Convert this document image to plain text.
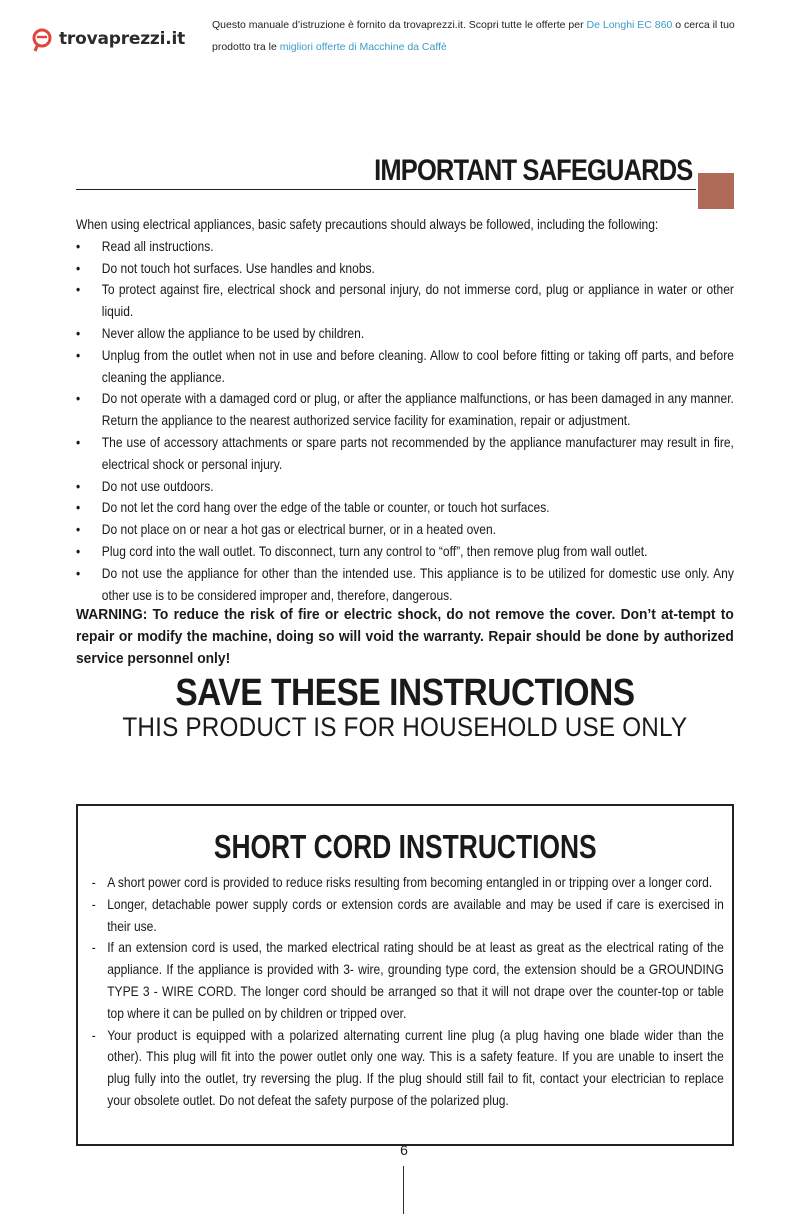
trovaprezzi.it
Questo manuale d’istruzione è fornito da trovaprezzi.it. Scopri tutte le offerte per De Longhi EC 860 o cerca il tuo prodotto tra le migliori offerte di Macchine da Caffè
IMPORTANT SAFEGUARDS
When using electrical appliances, basic safety precautions should always be followed, including the following:
• Read all instructions.
• Do not touch hot surfaces. Use handles and knobs.
• To protect against fire, electrical shock and personal injury, do not immerse cord, plug or appliance in water or other liquid.
• Never allow the appliance to be used by children.
• Unplug from the outlet when not in use and before cleaning. Allow to cool before fitting or taking off parts, and before cleaning the appliance.
• Do not operate with a damaged cord or plug, or after the appliance malfunctions, or has been damaged in any manner. Return the appliance to the nearest authorized service facility for examination, repair or adjustment.
• The use of accessory attachments or spare parts not recommended by the appliance manufacturer may result in fire, electrical shock or personal injury.
• Do not use outdoors.
• Do not let the cord hang over the edge of the table or counter, or touch hot surfaces.
• Do not place on or near a hot gas or electrical burner, or in a heated oven.
• Plug cord into the wall outlet. To disconnect, turn any control to “off”, then remove plug from wall outlet.
• Do not use the appliance for other than the intended use. This appliance is to be utilized for domestic use only. Any other use is to be considered improper and, therefore, dangerous.
WARNING: To reduce the risk of fire or electric shock, do not remove the cover. Don’t at-tempt to repair or modify the machine, doing so will void the warranty. Repair should be done by authorized service personnel only!
SAVE THESE INSTRUCTIONS
THIS PRODUCT IS FOR HOUSEHOLD USE ONLY
SHORT CORD INSTRUCTIONS
- A short power cord is provided to reduce risks resulting from becoming entangled in or tripping over a longer cord.
- Longer, detachable power supply cords or extension cords are available and may be used if care is exercised in their use.
- If an extension cord is used, the marked electrical rating should be at least as great as the electrical rating of the appliance. If the appliance is provided with 3- wire, grounding type cord, the extension should be a GROUNDING TYPE 3 - WIRE CORD. The longer cord should be arranged so that it will not drape over the counter-top or table top where it can be pulled on by children or tripped over.
- Your product is equipped with a polarized alternating current line plug (a plug having one blade wider than the other). This plug will fit into the power outlet only one way. This is a safety feature. If you are unable to insert the plug fully into the outlet, try reversing the plug. If the plug should still fail to fit, contact your electrician to replace your obsolete outlet. Do not defeat the safety purpose of the polarized plug.
6
